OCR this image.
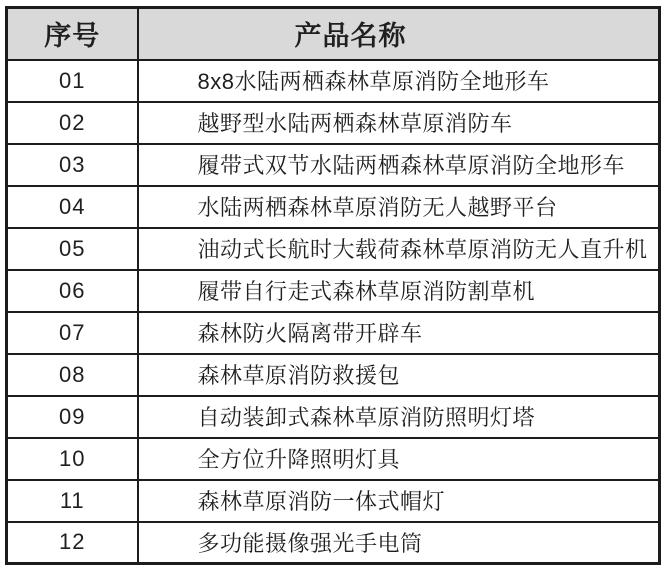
序号	产品名称
01	8x8水陆两栖森林草原消防全地形车
02	越野型水陆两栖森林草原消防车
03	履带式双节水陆两栖森林草原消防全地形车
04	水陆两栖森林草原消防无人越野平台
05	油动式长航时大载荷森林草原消防无人直升机
06	履带自行走式森林草原消防割草机
07	森林防火隔离带开辟车
08	森林草原消防救援包
09	自动装卸式森林草原消防照明灯塔
10	全方位升降照明灯具
11	森林草原消防一体式帽灯
12	多功能摄像强光手电筒
